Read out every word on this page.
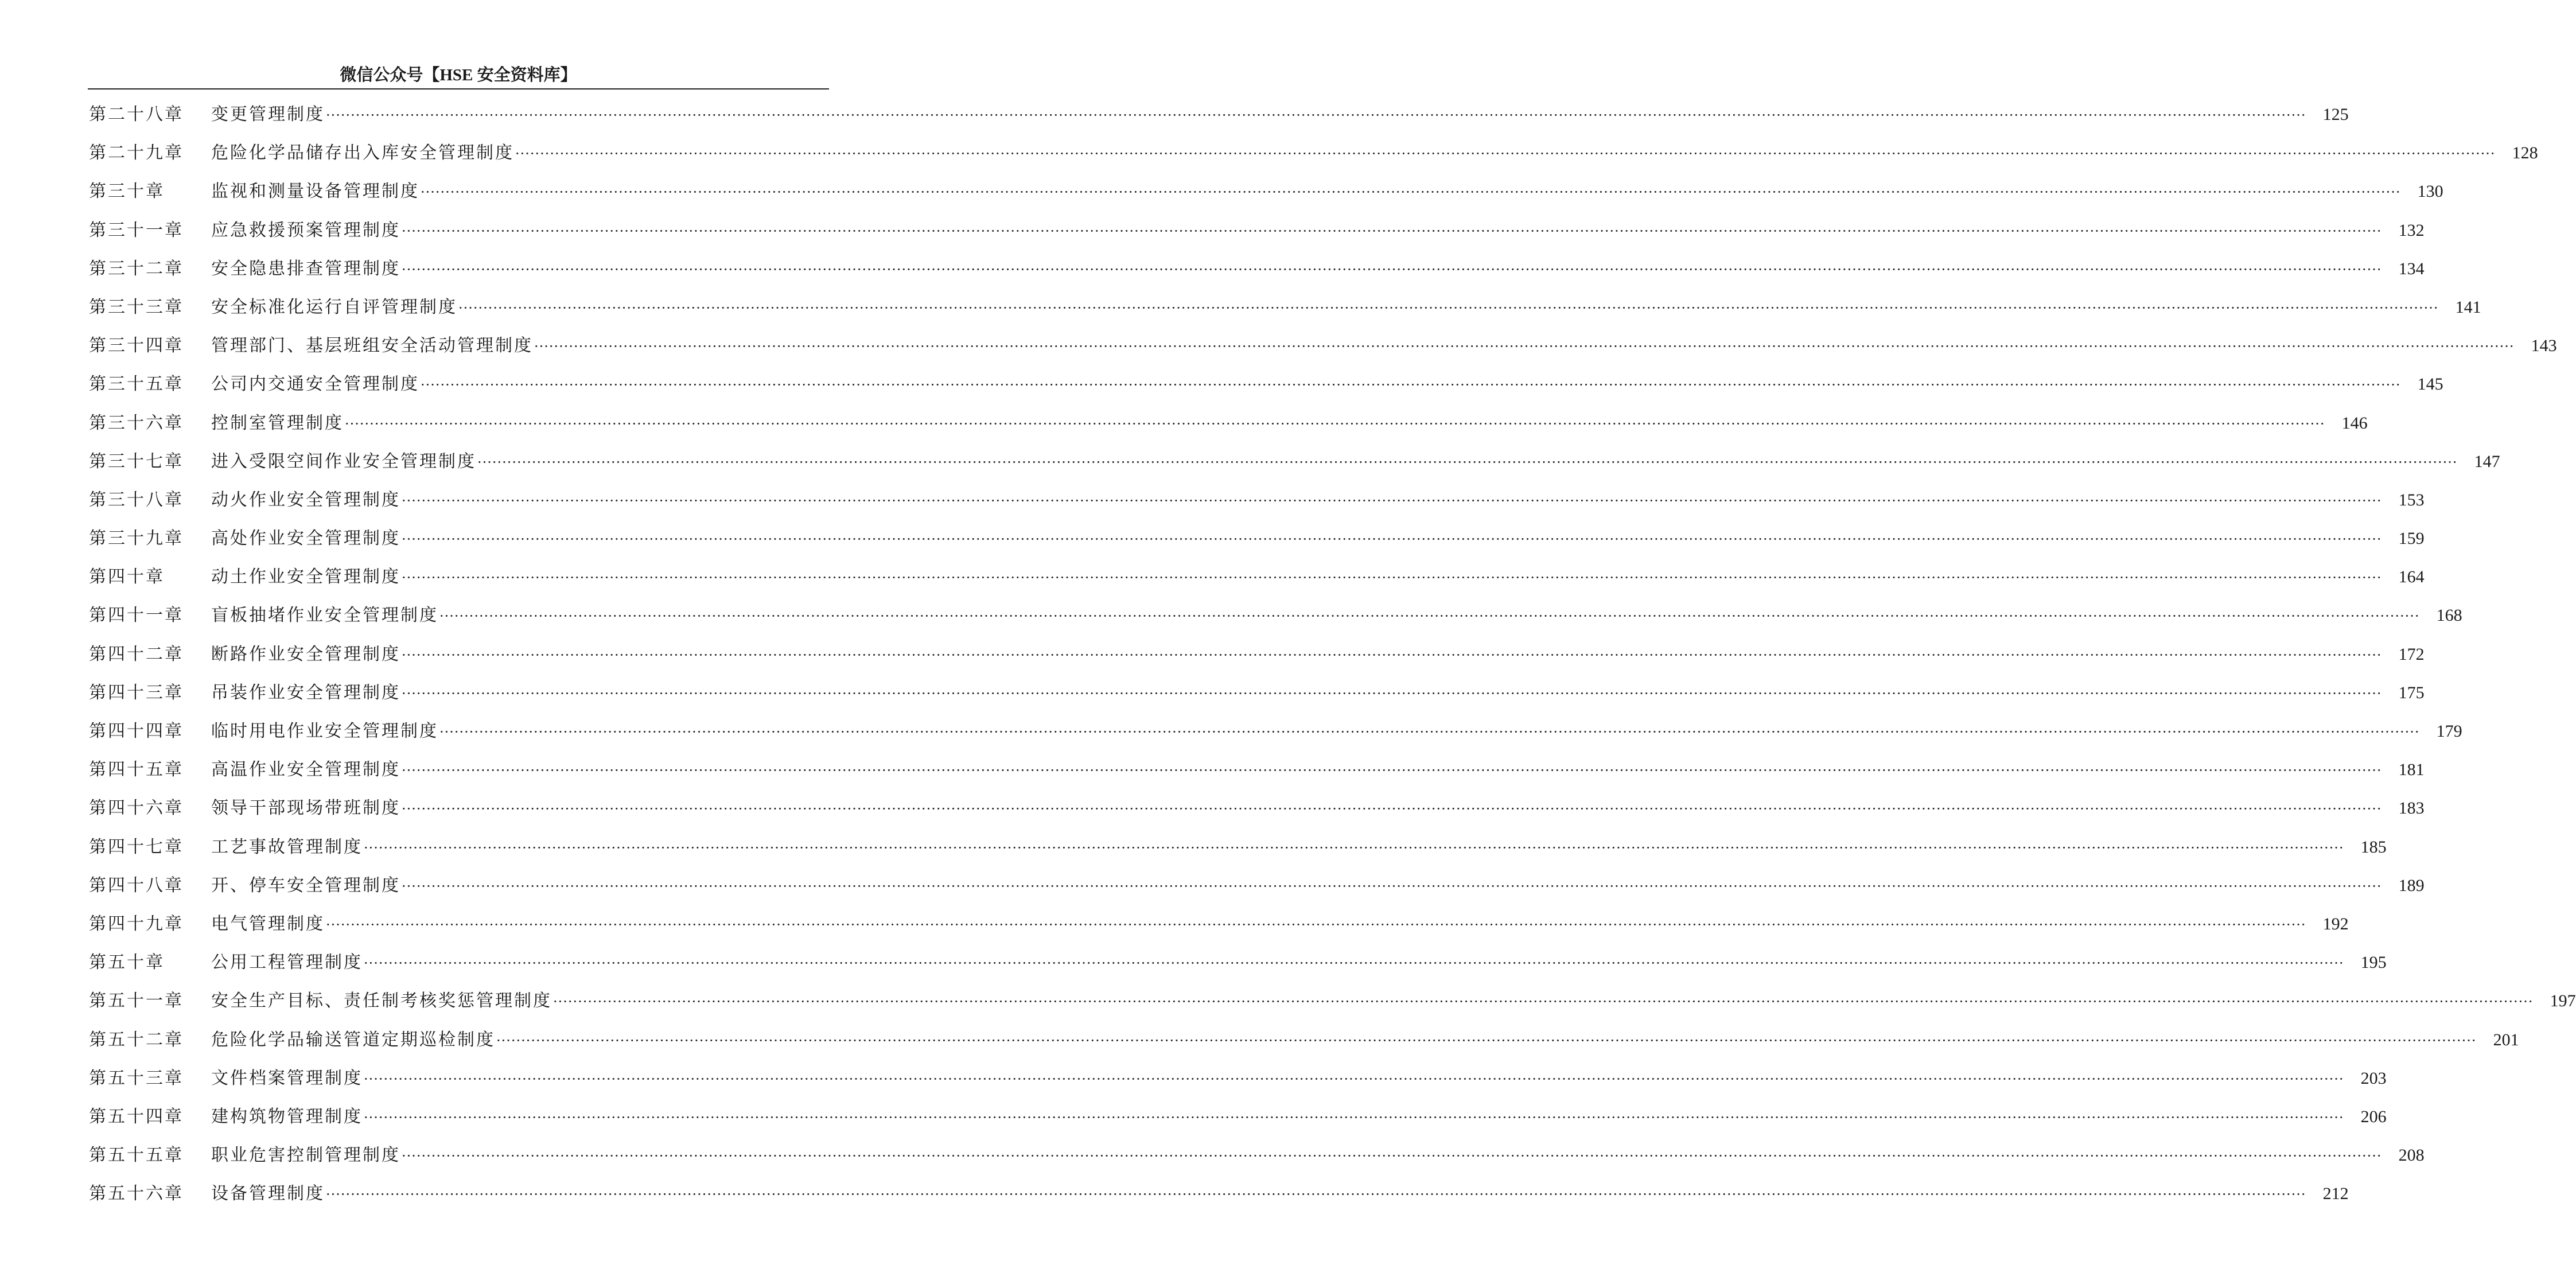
微信公众号【HSE 安全资料库】
第二十八章	变更管理制度 ················································································································································································································································································································································································································ 125
第二十九章	危险化学品储存出入库安全管理制度 ················································································································································································································································································································································································································ 128
第三十章	监视和测量设备管理制度 ················································································································································································································································································································································································································ 130
第三十一章	应急救援预案管理制度 ················································································································································································································································································································································································································ 132
第三十二章	安全隐患排查管理制度 ················································································································································································································································································································································································································ 134
第三十三章	安全标准化运行自评管理制度 ················································································································································································································································································································································································································ 141
第三十四章	管理部门、基层班组安全活动管理制度 ················································································································································································································································································································································································································ 143
第三十五章	公司内交通安全管理制度 ················································································································································································································································································································································································································ 145
第三十六章	控制室管理制度 ················································································································································································································································································································································································································ 146
第三十七章	进入受限空间作业安全管理制度 ················································································································································································································································································································································································································ 147
第三十八章	动火作业安全管理制度 ················································································································································································································································································································································································································ 153
第三十九章	高处作业安全管理制度 ················································································································································································································································································································································································································ 159
第四十章	动土作业安全管理制度 ················································································································································································································································································································································································································ 164
第四十一章	盲板抽堵作业安全管理制度 ················································································································································································································································································································································································································ 168
第四十二章	断路作业安全管理制度 ················································································································································································································································································································································································································ 172
第四十三章	吊装作业安全管理制度 ················································································································································································································································································································································································································ 175
第四十四章	临时用电作业安全管理制度 ················································································································································································································································································································································································································ 179
第四十五章	高温作业安全管理制度 ················································································································································································································································································································································································································ 181
第四十六章	领导干部现场带班制度 ················································································································································································································································································································································································································ 183
第四十七章	工艺事故管理制度 ················································································································································································································································································································································································································ 185
第四十八章	开、停车安全管理制度 ················································································································································································································································································································································································································ 189
第四十九章	电气管理制度 ················································································································································································································································································································································································································ 192
第五十章	公用工程管理制度 ················································································································································································································································································································································································································ 195
第五十一章	安全生产目标、责任制考核奖惩管理制度 ················································································································································································································································································································································································································ 197
第五十二章	危险化学品输送管道定期巡检制度 ················································································································································································································································································································································································································ 201
第五十三章	文件档案管理制度 ················································································································································································································································································································································································································ 203
第五十四章	建构筑物管理制度 ················································································································································································································································································································································································································ 206
第五十五章	职业危害控制管理制度 ················································································································································································································································································································································································································ 208
第五十六章	设备管理制度 ················································································································································································································································································································································································································ 212
